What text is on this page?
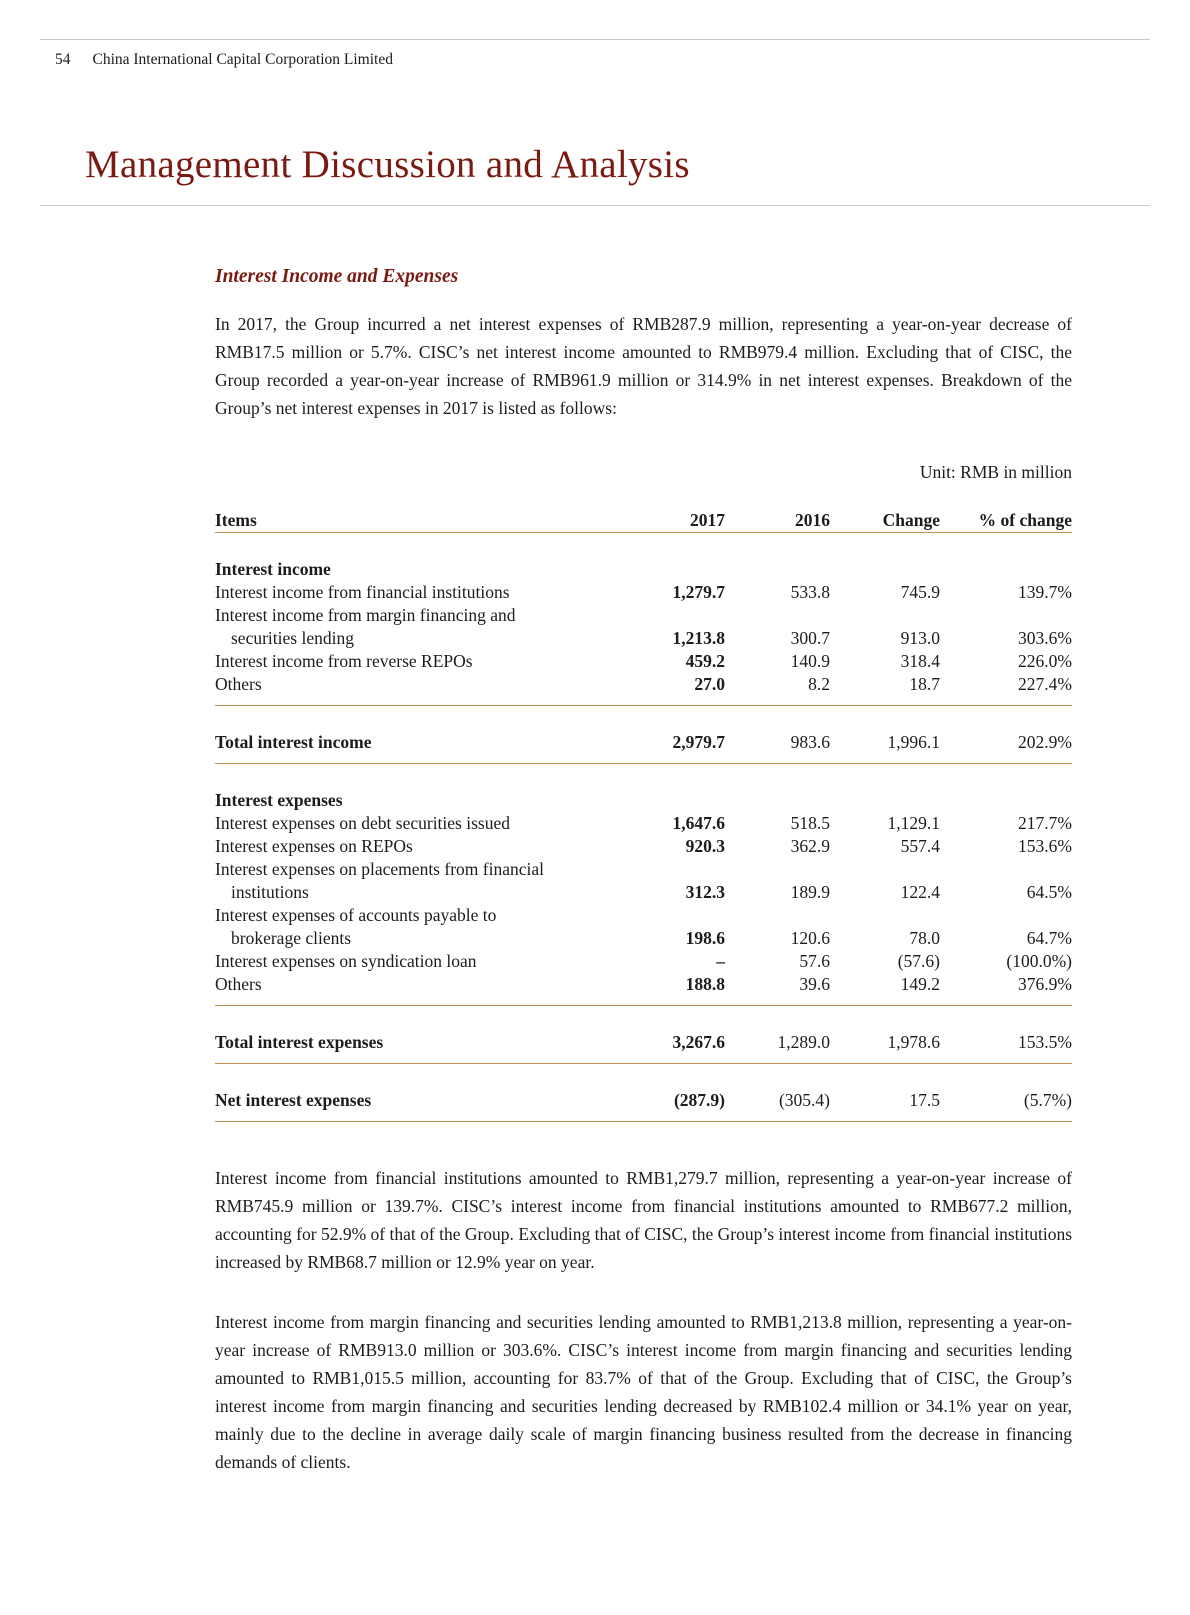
54 China International Capital Corporation Limited
Management Discussion and Analysis
Interest Income and Expenses

In 2017, the Group incurred a net interest expenses of RMB287.9 million, representing a year-on-year decrease of RMB17.5 million or 5.7%. CISC’s net interest income amounted to RMB979.4 million. Excluding that of CISC, the Group recorded a year-on-year increase of RMB961.9 million or 314.9% in net interest expenses. Breakdown of the Group’s net interest expenses in 2017 is listed as follows:

Unit: RMB in million
Items	2017	2016	Change	% of change

Interest income				

Interest income from financial institutions	1,279.7	533.8	745.9	139.7%

Interest income from margin financing and
securities lending	1,213.8	300.7	913.0	303.6%

Interest income from reverse REPOs	459.2	140.9	318.4	226.0%

Others	27.0	8.2	18.7	227.4%

Total interest income	2,979.7	983.6	1,996.1	202.9%

Interest expenses				

Interest expenses on debt securities issued	1,647.6	518.5	1,129.1	217.7%

Interest expenses on REPOs	920.3	362.9	557.4	153.6%

Interest expenses on placements from financial
institutions	312.3	189.9	122.4	64.5%

Interest expenses of accounts payable to
brokerage clients	198.6	120.6	78.0	64.7%

Interest expenses on syndication loan	–	57.6	(57.6)	(100.0%)

Others	188.8	39.6	149.2	376.9%

Total interest expenses	3,267.6	1,289.0	1,978.6	153.5%

Net interest expenses	(287.9)	(305.4)	17.5	(5.7%)

Interest income from financial institutions amounted to RMB1,279.7 million, representing a year-on-year increase of RMB745.9 million or 139.7%. CISC’s interest income from financial institutions amounted to RMB677.2 million, accounting for 52.9% of that of the Group. Excluding that of CISC, the Group’s interest income from financial institutions increased by RMB68.7 million or 12.9% year on year.

Interest income from margin financing and securities lending amounted to RMB1,213.8 million, representing a year-on-year increase of RMB913.0 million or 303.6%. CISC’s interest income from margin financing and securities lending amounted to RMB1,015.5 million, accounting for 83.7% of that of the Group. Excluding that of CISC, the Group’s interest income from margin financing and securities lending decreased by RMB102.4 million or 34.1% year on year, mainly due to the decline in average daily scale of margin financing business resulted from the decrease in financing demands of clients.
